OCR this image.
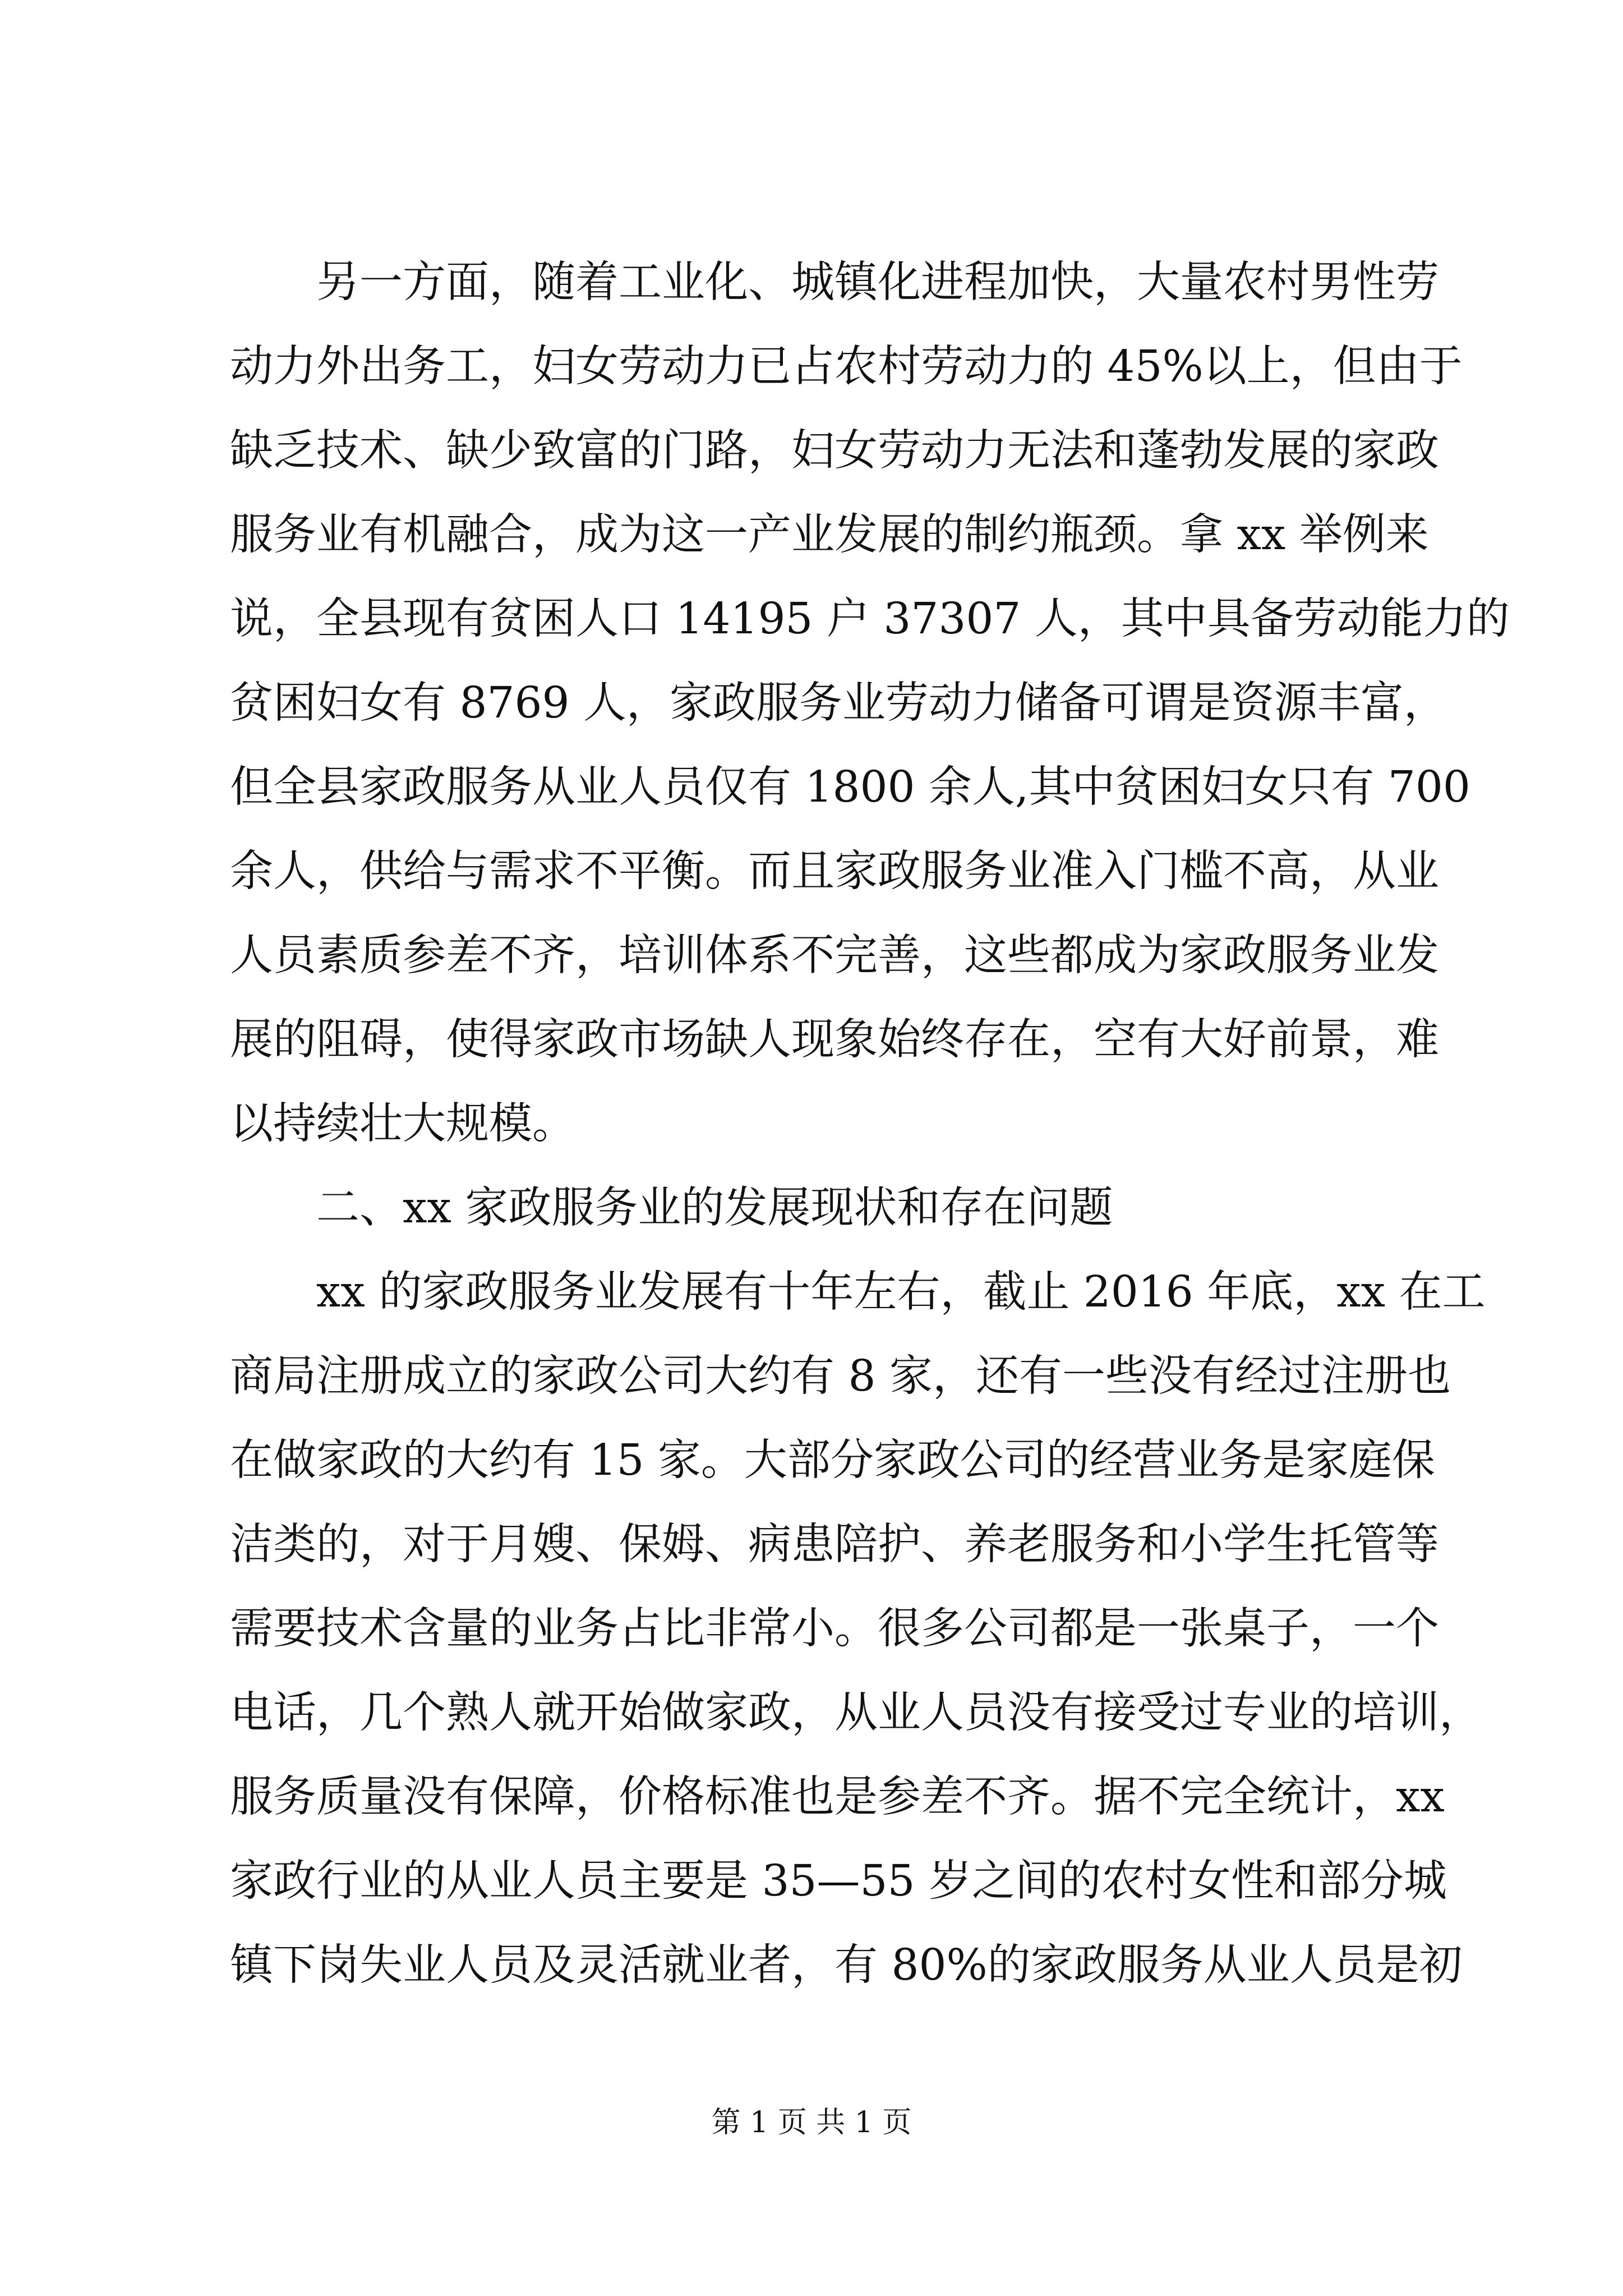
另一方面，随着工业化、城镇化进程加快，大量农村男性劳
动力外出务工，妇女劳动力已占农村劳动力的 45%以上，但由于
缺乏技术、缺少致富的门路，妇女劳动力无法和蓬勃发展的家政
服务业有机融合，成为这一产业发展的制约瓶颈。拿 xx 举例来
说，全县现有贫困人口 14195 户 37307 人，其中具备劳动能力的
贫困妇女有 8769 人，家政服务业劳动力储备可谓是资源丰富，
但全县家政服务从业人员仅有 1800 余人,其中贫困妇女只有 700
余人，供给与需求不平衡。而且家政服务业准入门槛不高，从业
人员素质参差不齐，培训体系不完善，这些都成为家政服务业发
展的阻碍，使得家政市场缺人现象始终存在，空有大好前景，难
以持续壮大规模。
二、xx 家政服务业的发展现状和存在问题
xx 的家政服务业发展有十年左右，截止 2016 年底，xx 在工
商局注册成立的家政公司大约有 8 家，还有一些没有经过注册也
在做家政的大约有 15 家。大部分家政公司的经营业务是家庭保
洁类的，对于月嫂、保姆、病患陪护、养老服务和小学生托管等
需要技术含量的业务占比非常小。很多公司都是一张桌子，一个
电话，几个熟人就开始做家政，从业人员没有接受过专业的培训，
服务质量没有保障，价格标准也是参差不齐。据不完全统计，xx
家政行业的从业人员主要是 35—55 岁之间的农村女性和部分城
镇下岗失业人员及灵活就业者，有 80%的家政服务从业人员是初
第 1 页 共 1 页
